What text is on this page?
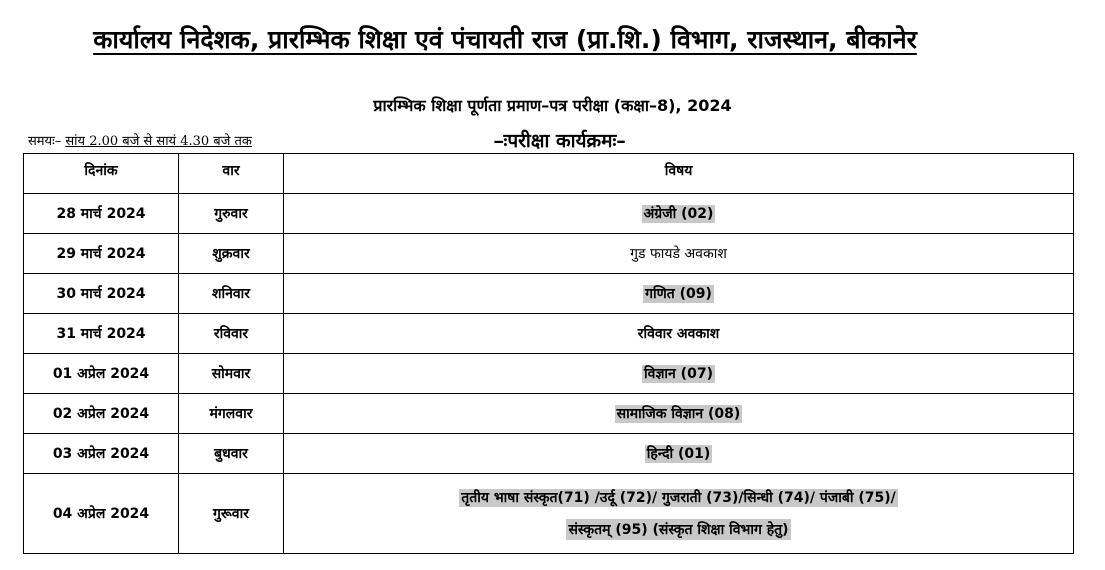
कार्यालय निदेशक, प्रारम्भिक शिक्षा एवं पंचायती राज (प्रा.शि.) विभाग, राजस्थान, बीकानेर
प्रारम्भिक शिक्षा पूर्णता प्रमाण–पत्र परीक्षा (कक्षा–8), 2024
समयः– सांय 2.00 बजे से सायं 4.30 बजे तक	–ःपरीक्षा कार्यक्रमः–
दिनांक	वार	विषय
28 मार्च 2024	गुरुवार	अंग्रेजी (02)
29 मार्च 2024	शुक्रवार	गुड फायडे अवकाश
30 मार्च 2024	शनिवार	गणित (09)
31 मार्च 2024	रविवार	रविवार अवकाश
01 अप्रेल 2024	सोमवार	विज्ञान (07)
02 अप्रेल 2024	मंगलवार	सामाजिक विज्ञान (08)
03 अप्रेल 2024	बुधवार	हिन्दी (01)
04 अप्रेल 2024	गुरूवार	तृतीय भाषा संस्कृत(71) /उर्दू (72)/ गुजराती (73)/सिन्धी (74)/ पंजाबी (75)/
संस्कृतम् (95) (संस्कृत शिक्षा विभाग हेतु)
